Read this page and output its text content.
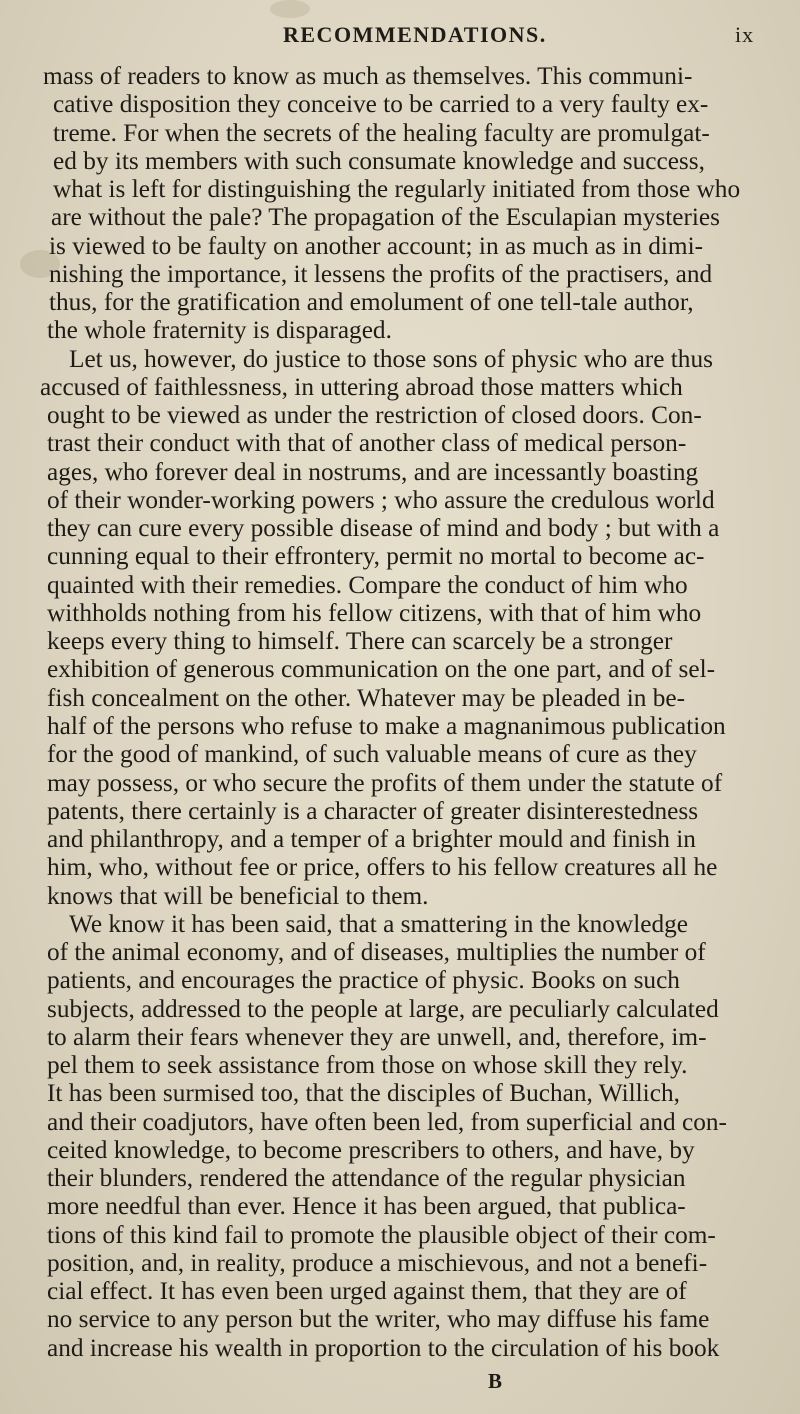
RECOMMENDATIONS.	ix
mass of readers to know as much as themselves. This communi-
cative disposition they conceive to be carried to a very faulty ex-
treme. For when the secrets of the healing faculty are promulgat-
ed by its members with such consumate knowledge and success,
what is left for distinguishing the regularly initiated from those who
are without the pale? The propagation of the Esculapian mysteries
is viewed to be faulty on another account; in as much as in dimi-
nishing the importance, it lessens the profits of the practisers, and
thus, for the gratification and emolument of one tell-tale author,
the whole fraternity is disparaged.
Let us, however, do justice to those sons of physic who are thus
accused of faithlessness, in uttering abroad those matters which
ought to be viewed as under the restriction of closed doors. Con-
trast their conduct with that of another class of medical person-
ages, who forever deal in nostrums, and are incessantly boasting
of their wonder-working powers ; who assure the credulous world
they can cure every possible disease of mind and body ; but with a
cunning equal to their effrontery, permit no mortal to become ac-
quainted with their remedies. Compare the conduct of him who
withholds nothing from his fellow citizens, with that of him who
keeps every thing to himself. There can scarcely be a stronger
exhibition of generous communication on the one part, and of sel-
fish concealment on the other. Whatever may be pleaded in be-
half of the persons who refuse to make a magnanimous publication
for the good of mankind, of such valuable means of cure as they
may possess, or who secure the profits of them under the statute of
patents, there certainly is a character of greater disinterestedness
and philanthropy, and a temper of a brighter mould and finish in
him, who, without fee or price, offers to his fellow creatures all he
knows that will be beneficial to them.
We know it has been said, that a smattering in the knowledge
of the animal economy, and of diseases, multiplies the number of
patients, and encourages the practice of physic. Books on such
subjects, addressed to the people at large, are peculiarly calculated
to alarm their fears whenever they are unwell, and, therefore, im-
pel them to seek assistance from those on whose skill they rely.
It has been surmised too, that the disciples of Buchan, Willich,
and their coadjutors, have often been led, from superficial and con-
ceited knowledge, to become prescribers to others, and have, by
their blunders, rendered the attendance of the regular physician
more needful than ever. Hence it has been argued, that publica-
tions of this kind fail to promote the plausible object of their com-
position, and, in reality, produce a mischievous, and not a benefi-
cial effect. It has even been urged against them, that they are of
no service to any person but the writer, who may diffuse his fame
and increase his wealth in proportion to the circulation of his book
B
